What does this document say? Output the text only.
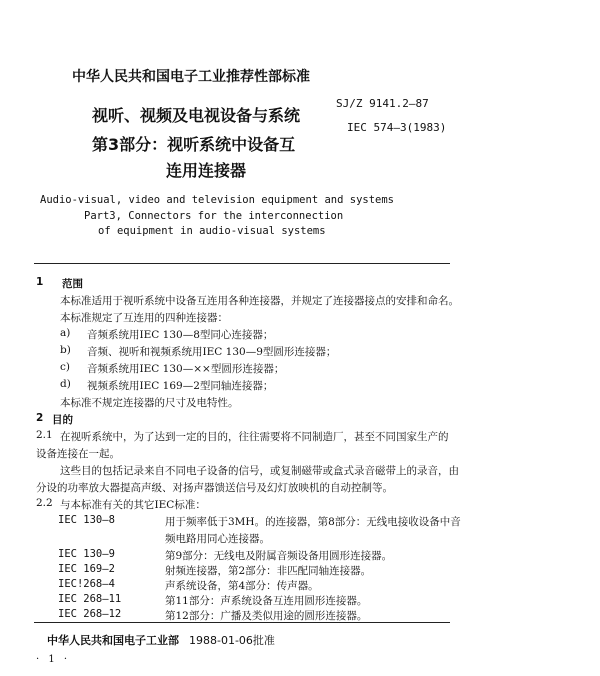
中华人民共和国电子工业推荐性部标准
视听、视频及电视设备与系统
第3部分：视听系统中设备互
连用连接器
SJ/Z 9141.2—87
IEC 574—3(1983)
Audio-visual, video and television equipment and systems
Part3, Connectors for the interconnection
of equipment in audio-visual systems
1 范围
本标准适用于视听系统中设备互连用各种连接器，并规定了连接器接点的安排和命名。
本标准规定了互连用的四种连接器：
a) 音频系统用IEC 130—8型同心连接器；
b) 音频、视听和视频系统用IEC 130—9型圆形连接器；
c) 音频系统用IEC 130—××型圆形连接器；
d) 视频系统用IEC 169—2型同轴连接器；
本标准不规定连接器的尺寸及电特性。
2 目的
2.1 在视听系统中，为了达到一定的目的，往往需要将不同制造厂，甚至不同国家生产的
设备连接在一起。
这些目的包括记录来自不同电子设备的信号，或复制磁带或盒式录音磁带上的录音，由
分设的功率放大器提高声级、对扬声器馈送信号及幻灯放映机的自动控制等。
2.2 与本标准有关的其它IEC标准：
IEC 130—8	用于频率低于3MH。的连接器，第8部分：无线电接收设备中音
频电路用同心连接器。
IEC 130—9	第9部分：无线电及附属音频设备用圆形连接器。
IEC 169—2	射频连接器，第2部分：非匹配同轴连接器。
IEC!268—4	声系统设备，第4部分：传声器。
IEC 268—11	第11部分：声系统设备互连用圆形连接器。
IEC 268—12	第12部分：广播及类似用途的圆形连接器。
中华人民共和国电子工业部 1988-01-06批准
· 1 ·
